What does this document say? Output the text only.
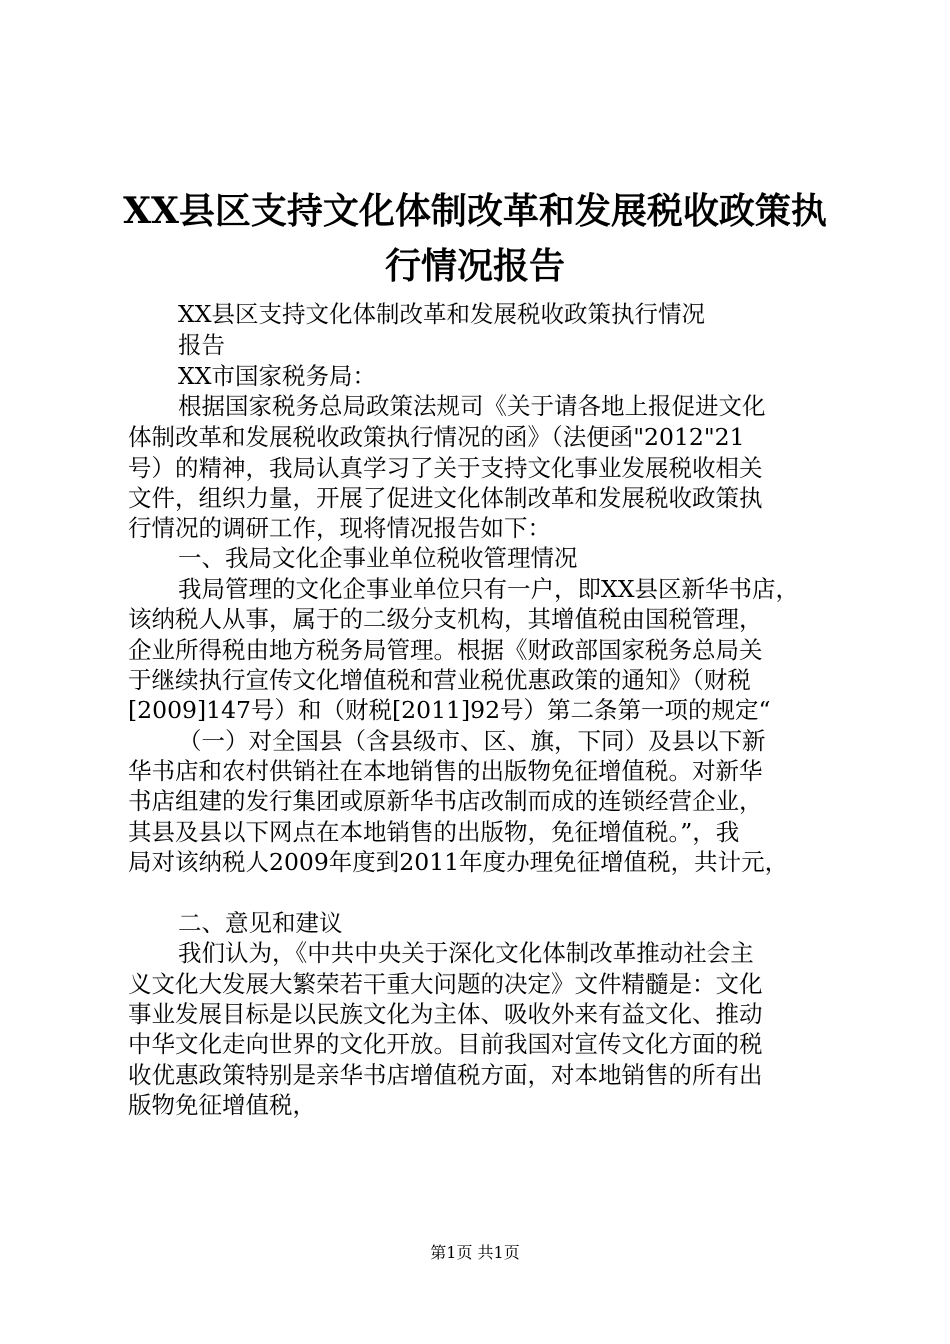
XX县区支持文化体制改革和发展税收政策执
行情况报告
XX县区支持文化体制改革和发展税收政策执行情况
报告
XX市国家税务局：
根据国家税务总局政策法规司《关于请各地上报促进文化
体制改革和发展税收政策执行情况的函》（法便函"2012"21
号）的精神，我局认真学习了关于支持文化事业发展税收相关
文件，组织力量，开展了促进文化体制改革和发展税收政策执
行情况的调研工作，现将情况报告如下：
一、我局文化企事业单位税收管理情况
我局管理的文化企事业单位只有一户，即XX县区新华书店，
该纳税人从事，属于的二级分支机构，其增值税由国税管理，
企业所得税由地方税务局管理。根据《财政部国家税务总局关
于继续执行宣传文化增值税和营业税优惠政策的通知》（财税
[2009]147号）和（财税[2011]92号）第二条第一项的规定“
（一）对全国县（含县级市、区、旗，下同）及县以下新
华书店和农村供销社在本地销售的出版物免征增值税。对新华
书店组建的发行集团或原新华书店改制而成的连锁经营企业，
其县及县以下网点在本地销售的出版物，免征增值税。”，我
局对该纳税人2009年度到2011年度办理免征增值税，共计元，
二、意见和建议
我们认为，《中共中央关于深化文化体制改革推动社会主
义文化大发展大繁荣若干重大问题的决定》文件精髓是：文化
事业发展目标是以民族文化为主体、吸收外来有益文化、推动
中华文化走向世界的文化开放。目前我国对宣传文化方面的税
收优惠政策特别是亲华书店增值税方面，对本地销售的所有出
版物免征增值税，
第1页 共1页
